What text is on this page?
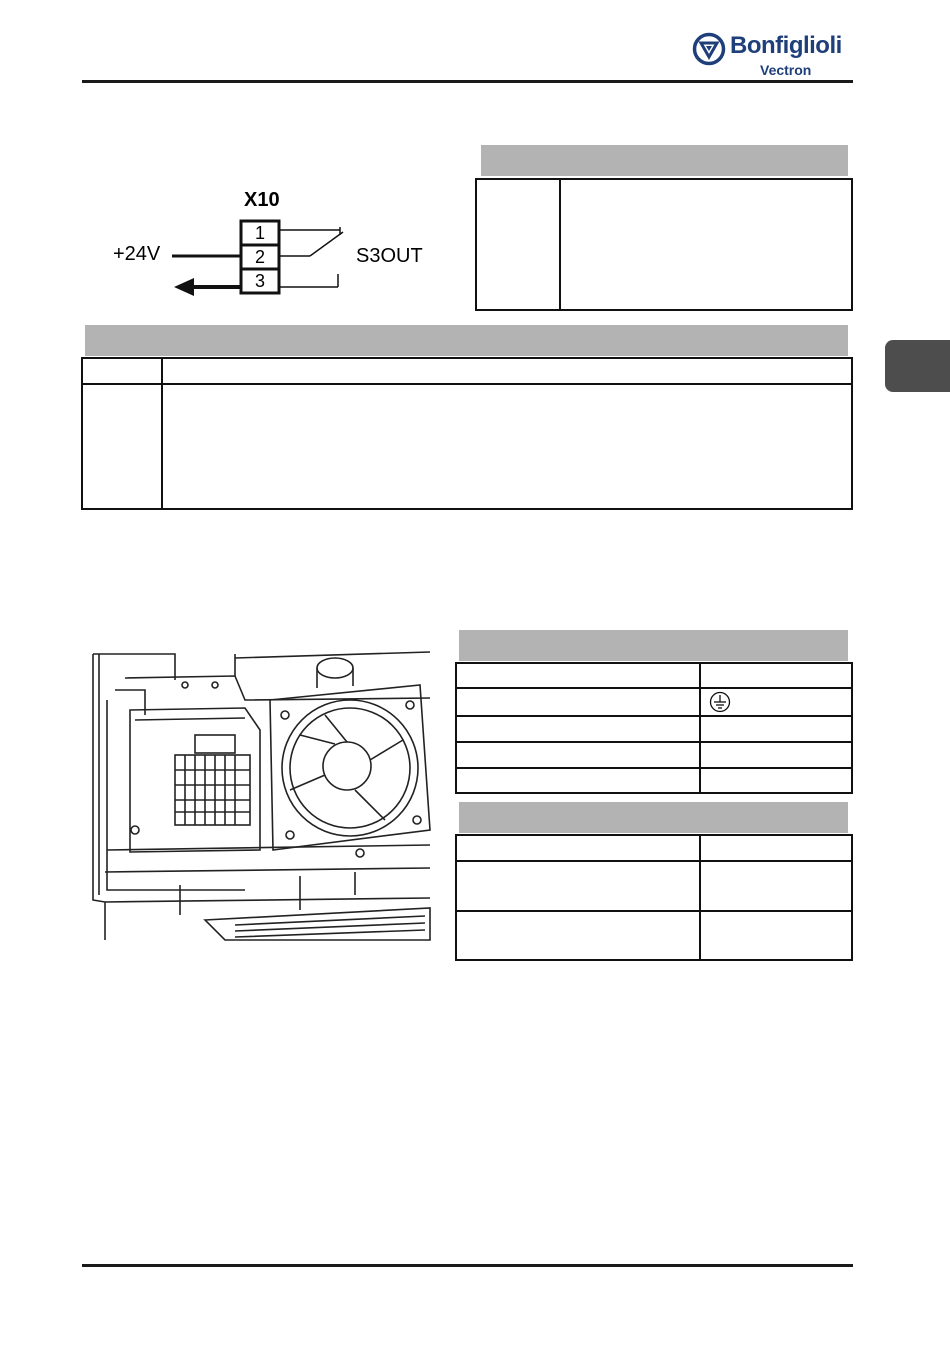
Bonfiglioli
Vectron

X10
+24V	S3OUT
1
2
3
